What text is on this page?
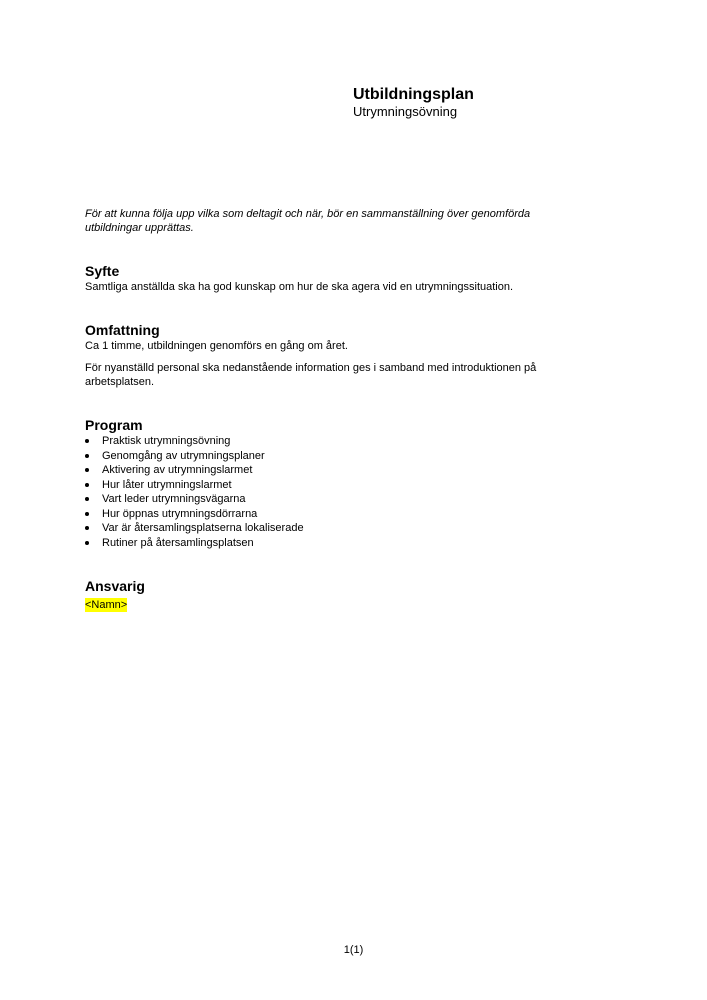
Utbildningsplan

Utrymningsövning

För att kunna följa upp vilka som deltagit och när, bör en sammanställning över genomförda utbildningar upprättas.

Syfte

Samtliga anställda ska ha god kunskap om hur de ska agera vid en utrymningssituation.

Omfattning

Ca 1 timme, utbildningen genomförs en gång om året.

För nyanställd personal ska nedanstående information ges i samband med introduktionen på arbetsplatsen.

Program

Praktisk utrymningsövning
Genomgång av utrymningsplaner
Aktivering av utrymningslarmet
Hur låter utrymningslarmet
Vart leder utrymningsvägarna
Hur öppnas utrymningsdörrarna
Var är återsamlingsplatserna lokaliserade
Rutiner på återsamlingsplatsen

Ansvarig

<Namn>
1(1)
